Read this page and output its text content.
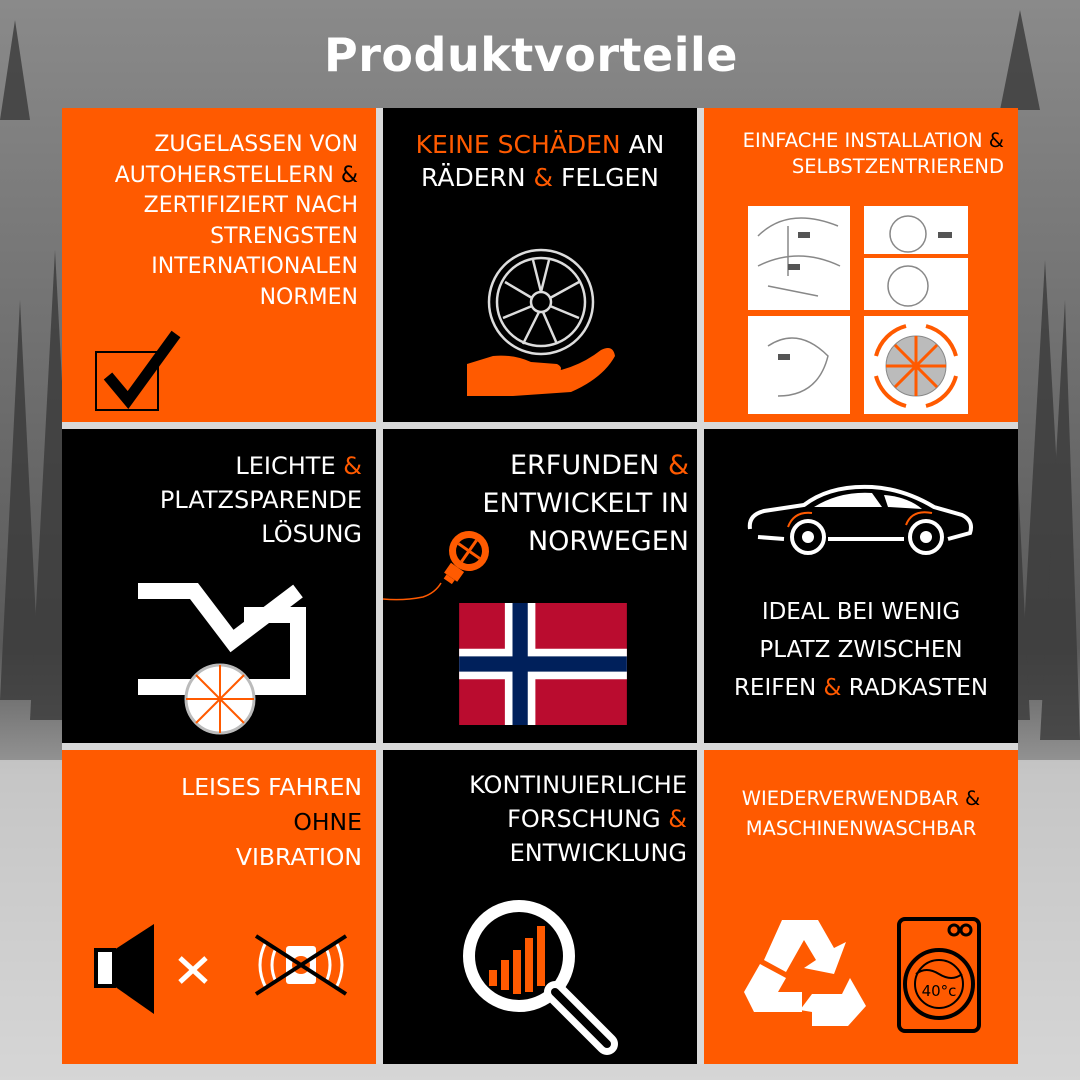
Produktvorteile
ZUGELASSEN VON
AUTOHERSTELLERN &
ZERTIFIZIERT NACH
STRENGSTEN
INTERNATIONALEN
NORMEN
KEINE SCHÄDEN AN
RÄDERN & FELGEN
EINFACHE INSTALLATION &
SELBSTZENTRIEREND
LEICHTE &
PLATZSPARENDE
LÖSUNG
ERFUNDEN &
ENTWICKELT IN
NORWEGEN
IDEAL BEI WENIG
PLATZ ZWISCHEN
REIFEN & RADKASTEN
LEISES FAHREN
OHNE
VIBRATION
KONTINUIERLICHE
FORSCHUNG &
ENTWICKLUNG
WIEDERVERWENDBAR &
MASCHINENWASCHBAR
40°c
